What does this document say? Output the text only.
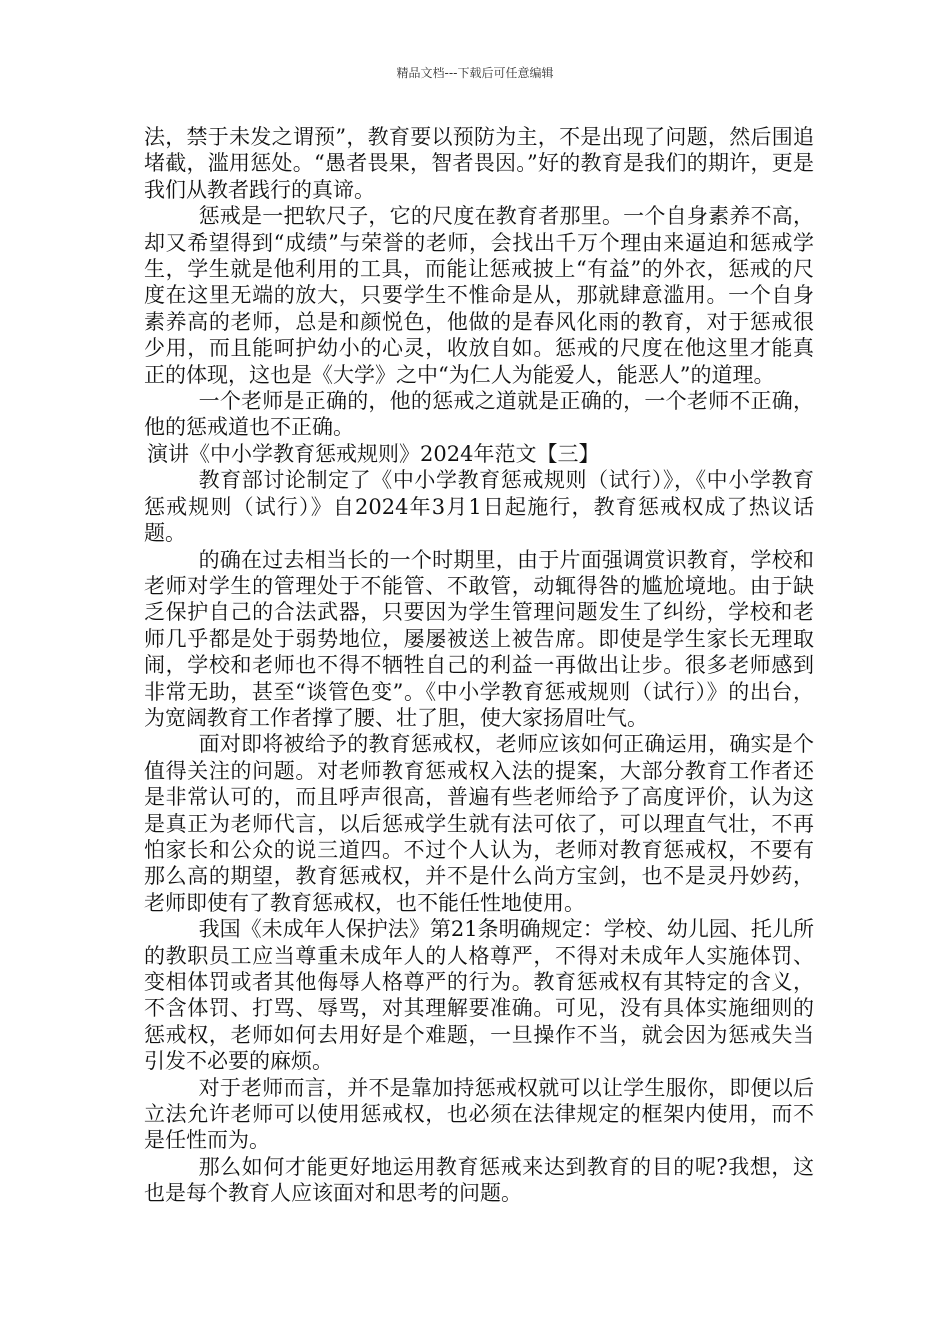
精品文档---下载后可任意编辑

法，禁于未发之谓预”，教育要以预防为主，不是出现了问题，然后围追堵截，滥用惩处。“愚者畏果，智者畏因。”好的教育是我们的期许，更是我们从教者践行的真谛。

惩戒是一把软尺子，它的尺度在教育者那里。一个自身素养不高，却又希望得到“成绩”与荣誉的老师，会找出千万个理由来逼迫和惩戒学生，学生就是他利用的工具，而能让惩戒披上“有益”的外衣，惩戒的尺度在这里无端的放大，只要学生不惟命是从，那就肆意滥用。一个自身素养高的老师，总是和颜悦色，他做的是春风化雨的教育，对于惩戒很少用，而且能呵护幼小的心灵，收放自如。惩戒的尺度在他这里才能真正的体现，这也是《大学》之中“为仁人为能爱人，能恶人”的道理。

一个老师是正确的，他的惩戒之道就是正确的，一个老师不正确，他的惩戒道也不正确。

演讲《中小学教育惩戒规则》2024年范文【三】

教育部讨论制定了《中小学教育惩戒规则（试行）》，《中小学教育惩戒规则（试行）》自2024年3月1日起施行，教育惩戒权成了热议话题。

的确在过去相当长的一个时期里，由于片面强调赏识教育，学校和老师对学生的管理处于不能管、不敢管，动辄得咎的尴尬境地。由于缺乏保护自己的合法武器，只要因为学生管理问题发生了纠纷，学校和老师几乎都是处于弱势地位，屡屡被送上被告席。即使是学生家长无理取闹，学校和老师也不得不牺牲自己的利益一再做出让步。很多老师感到非常无助，甚至“谈管色变”。《中小学教育惩戒规则（试行）》的出台，为宽阔教育工作者撑了腰、壮了胆，使大家扬眉吐气。

面对即将被给予的教育惩戒权，老师应该如何正确运用，确实是个值得关注的问题。对老师教育惩戒权入法的提案，大部分教育工作者还是非常认可的，而且呼声很高，普遍有些老师给予了高度评价，认为这是真正为老师代言，以后惩戒学生就有法可依了，可以理直气壮，不再怕家长和公众的说三道四。不过个人认为，老师对教育惩戒权，不要有那么高的期望，教育惩戒权，并不是什么尚方宝剑，也不是灵丹妙药，老师即使有了教育惩戒权，也不能任性地使用。

我国《未成年人保护法》第21条明确规定：学校、幼儿园、托儿所的教职员工应当尊重未成年人的人格尊严，不得对未成年人实施体罚、变相体罚或者其他侮辱人格尊严的行为。教育惩戒权有其特定的含义，不含体罚、打骂、辱骂，对其理解要准确。可见，没有具体实施细则的惩戒权，老师如何去用好是个难题，一旦操作不当，就会因为惩戒失当引发不必要的麻烦。

对于老师而言，并不是靠加持惩戒权就可以让学生服你，即便以后立法允许老师可以使用惩戒权，也必须在法律规定的框架内使用，而不是任性而为。

那么如何才能更好地运用教育惩戒来达到教育的目的呢?我想，这也是每个教育人应该面对和思考的问题。
